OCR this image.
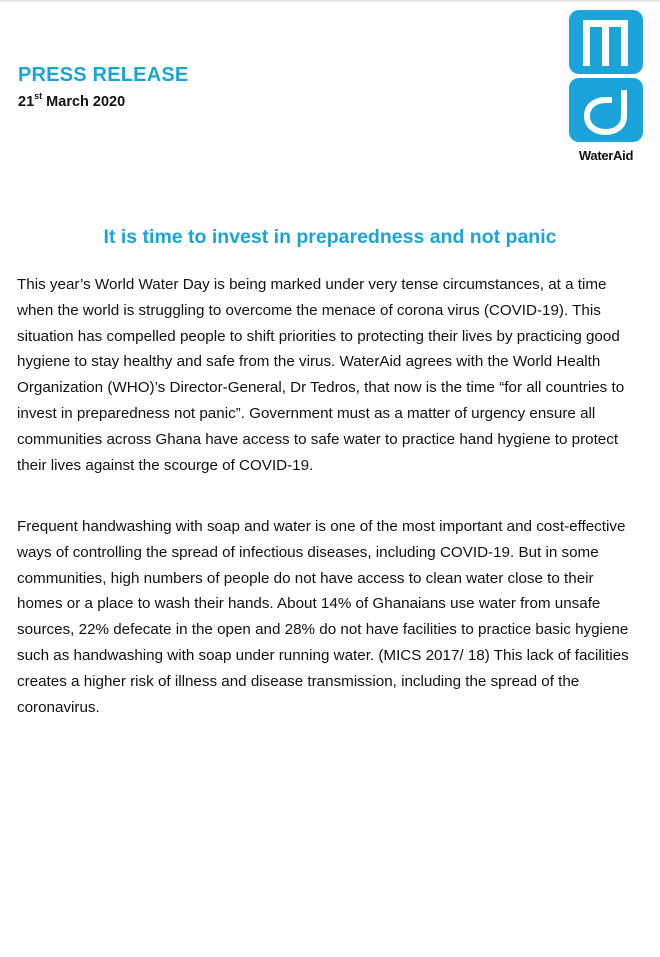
PRESS RELEASE
21st March 2020
WaterAid
It is time to invest in preparedness and not panic
This year’s World Water Day is being marked under very tense circumstances, at a time when the world is struggling to overcome the menace of corona virus (COVID-19). This situation has compelled people to shift priorities to protecting their lives by practicing good hygiene to stay healthy and safe from the virus. WaterAid agrees with the World Health Organization (WHO)’s Director-General, Dr Tedros, that now is the time “for all countries to invest in preparedness not panic”. Government must as a matter of urgency ensure all communities across Ghana have access to safe water to practice hand hygiene to protect their lives against the scourge of COVID-19.
Frequent handwashing with soap and water is one of the most important and cost-effective ways of controlling the spread of infectious diseases, including COVID-19. But in some communities, high numbers of people do not have access to clean water close to their homes or a place to wash their hands. About 14% of Ghanaians use water from unsafe sources, 22% defecate in the open and 28% do not have facilities to practice basic hygiene such as handwashing with soap under running water. (MICS 2017/ 18) This lack of facilities creates a higher risk of illness and disease transmission, including the spread of the coronavirus.
